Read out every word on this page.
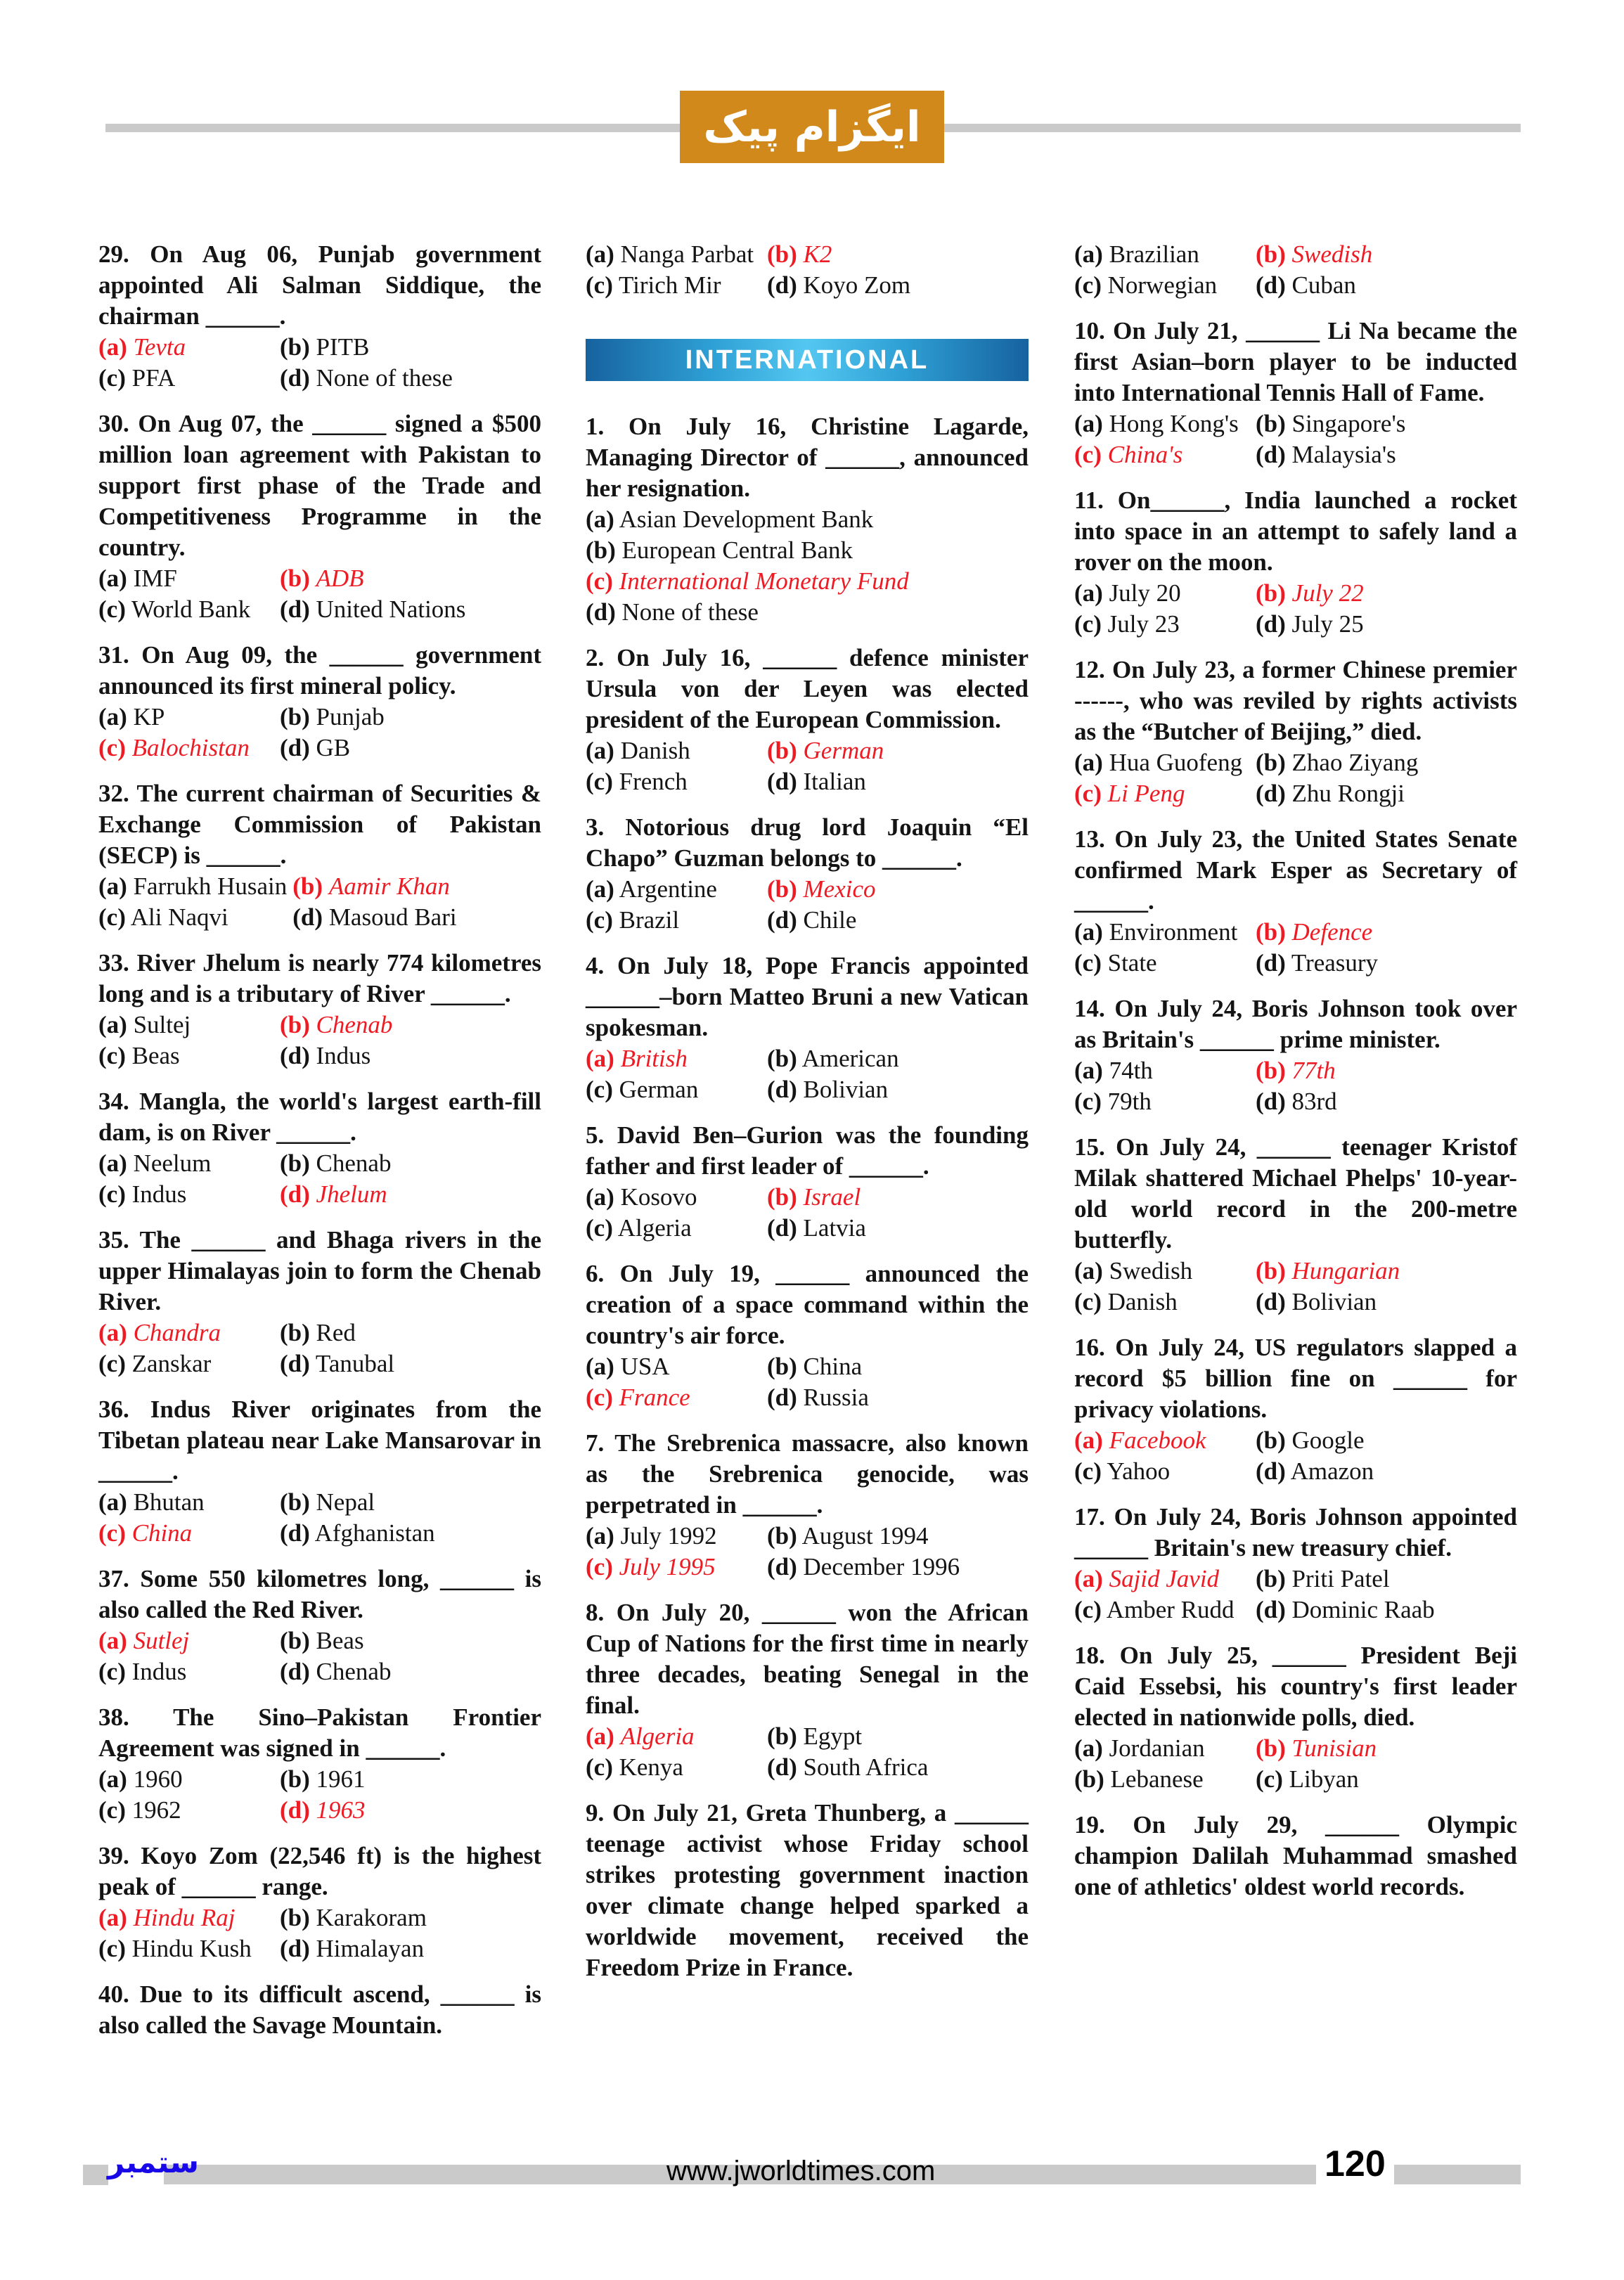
ایگزام پیک

29. On Aug 06, Punjab government appointed Ali Salman Siddique, the chairman ______.

(a) Tevta	(b) PITB
(c) PFA	(d) None of these

30. On Aug 07, the ______ signed a $500 million loan agreement with Pakistan to support first phase of the Trade and Competitiveness Programme in the country.

(a) IMF	(b) ADB
(c) World Bank	(d) United Nations

31. On Aug 09, the ______ government announced its first mineral policy.

(a) KP	(b) Punjab
(c) Balochistan	(d) GB

32. The current chairman of Securities & Exchange Commission of Pakistan (SECP) is ______.

(a) Farrukh Husain (b) Aamir Khan
(c) Ali Naqvi	(d) Masoud Bari

33. River Jhelum is nearly 774 kilometres long and is a tributary of River ______.

(a) Sultej	(b) Chenab
(c) Beas	(d) Indus

34. Mangla, the world's largest earth-fill dam, is on River ______.

(a) Neelum	(b) Chenab
(c) Indus	(d) Jhelum

35. The ______ and Bhaga rivers in the upper Himalayas join to form the Chenab River.

(a) Chandra	(b) Red
(c) Zanskar	(d) Tanubal

36. Indus River originates from the Tibetan plateau near Lake Mansarovar in ______.

(a) Bhutan	(b) Nepal
(c) China	(d) Afghanistan

37. Some 550 kilometres long, ______ is also called the Red River.

(a) Sutlej	(b) Beas
(c) Indus	(d) Chenab

38. The Sino–Pakistan Frontier Agreement was signed in ______.

(a) 1960	(b) 1961
(c) 1962	(d) 1963

39. Koyo Zom (22,546 ft) is the highest peak of ______ range.

(a) Hindu Raj	(b) Karakoram
(c) Hindu Kush	(d) Himalayan

40. Due to its difficult ascend, ______ is also called the Savage Mountain.

(a) Nanga Parbat (b) K2
(c) Tirich Mir	(d) Koyo Zom
INTERNATIONAL

1. On July 16, Christine Lagarde, Managing Director of ______, announced her resignation.

(a) Asian Development Bank
(b) European Central Bank
(c) International Monetary Fund
(d) None of these

2. On July 16, ______ defence minister Ursula von der Leyen was elected president of the European Commission.

(a) Danish	(b) German
(c) French	(d) Italian

3. Notorious drug lord Joaquin “El Chapo” Guzman belongs to ______.

(a) Argentine	(b) Mexico
(c) Brazil	(d) Chile

4. On July 18, Pope Francis appointed ______–born Matteo Bruni a new Vatican spokesman.

(a) British	(b) American
(c) German	(d) Bolivian

5. David Ben–Gurion was the founding father and first leader of ______.

(a) Kosovo	(b) Israel
(c) Algeria	(d) Latvia

6. On July 19, ______ announced the creation of a space command within the country's air force.

(a) USA	(b) China
(c) France	(d) Russia

7. The Srebrenica massacre, also known as the Srebrenica genocide, was perpetrated in ______.

(a) July 1992	(b) August 1994
(c) July 1995	(d) December 1996

8. On July 20, ______ won the African Cup of Nations for the first time in nearly three decades, beating Senegal in the final.

(a) Algeria	(b) Egypt
(c) Kenya	(d) South Africa

9. On July 21, Greta Thunberg, a ______ teenage activist whose Friday school strikes protesting government inaction over climate change helped sparked a worldwide movement, received the Freedom Prize in France.

(a) Brazilian	(b) Swedish
(c) Norwegian	(d) Cuban

10. On July 21, ______ Li Na became the first Asian–born player to be inducted into International Tennis Hall of Fame.

(a) Hong Kong's (b) Singapore's
(c) China's	(d) Malaysia's

11. On______, India launched a rocket into space in an attempt to safely land a rover on the moon.

(a) July 20	(b) July 22
(c) July 23	(d) July 25

12. On July 23, a former Chinese premier ------, who was reviled by rights activists as the “Butcher of Beijing,” died.

(a) Hua Guofeng (b) Zhao Ziyang
(c) Li Peng	(d) Zhu Rongji

13. On July 23, the United States Senate confirmed Mark Esper as Secretary of ______.

(a) Environment (b) Defence
(c) State	(d) Treasury

14. On July 24, Boris Johnson took over as Britain's ______ prime minister.

(a) 74th	(b) 77th
(c) 79th	(d) 83rd

15. On July 24, ______ teenager Kristof Milak shattered Michael Phelps' 10-year-old world record in the 200-metre butterfly.

(a) Swedish	(b) Hungarian
(c) Danish	(d) Bolivian

16. On July 24, US regulators slapped a record $5 billion fine on ______ for privacy violations.

(a) Facebook	(b) Google
(c) Yahoo	(d) Amazon

17. On July 24, Boris Johnson appointed ______ Britain's new treasury chief.

(a) Sajid Javid	(b) Priti Patel
(c) Amber Rudd (d) Dominic Raab

18. On July 25, ______ President Beji Caid Essebsi, his country's first leader elected in nationwide polls, died.

(a) Jordanian	(b) Tunisian
(b) Lebanese	(c) Libyan

19. On July 29, ______ Olympic champion Dalilah Muhammad smashed one of athletics' oldest world records.

ستمبر	www.jworldtimes.com	120
